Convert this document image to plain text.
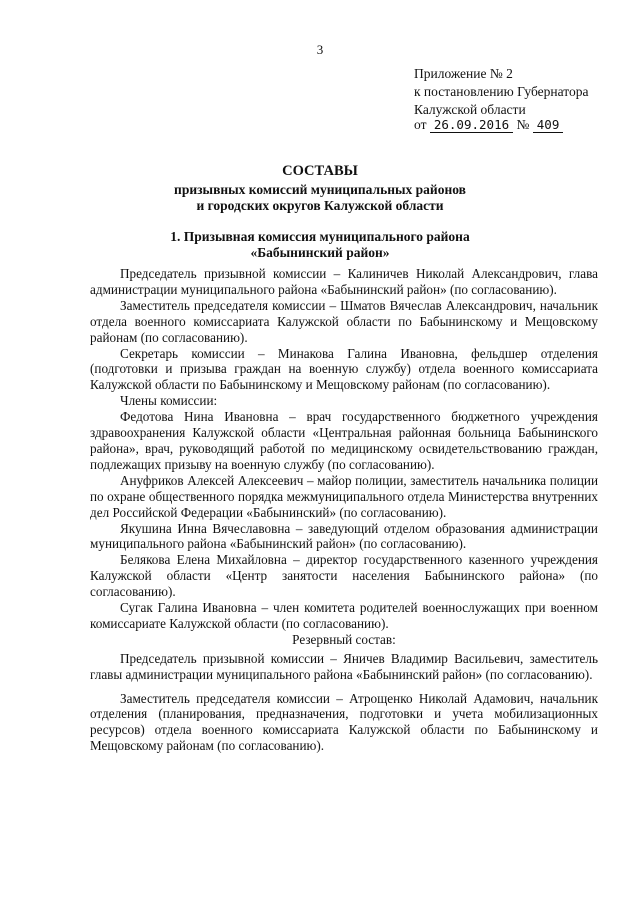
3
Приложение № 2
к постановлению Губернатора
Калужской области
от 26.09.2016 № 409
СОСТАВЫ
призывных комиссий муниципальных районов
и городских округов Калужской области
1. Призывная комиссия муниципального района
«Бабынинский район»

Председатель призывной комиссии – Калиничев Николай Александрович, глава администрации муниципального района «Бабынинский район» (по согласованию).

Заместитель председателя комиссии – Шматов Вячеслав Александрович, начальник отдела военного комиссариата Калужской области по Бабынинскому и Мещовскому районам (по согласованию).

Секретарь комиссии – Минакова Галина Ивановна, фельдшер отделения (подготовки и призыва граждан на военную службу) отдела военного комиссариата Калужской области по Бабынинскому и Мещовскому районам (по согласованию).

Члены комиссии:

Федотова Нина Ивановна – врач государственного бюджетного учреждения здравоохранения Калужской области «Центральная районная больница Бабынинского района», врач, руководящий работой по медицинскому освидетельствованию граждан, подлежащих призыву на военную службу (по согласованию).

Ануфриков Алексей Алексеевич – майор полиции, заместитель начальника полиции по охране общественного порядка межмуниципального отдела Министерства внутренних дел Российской Федерации «Бабынинский» (по согласованию).

Якушина Инна Вячеславовна – заведующий отделом образования администрации муниципального района «Бабынинский район» (по согласованию).

Белякова Елена Михайловна – директор государственного казенного учреждения Калужской области «Центр занятости населения Бабынинского района» (по согласованию).

Сугак Галина Ивановна – член комитета родителей военнослужащих при военном комиссариате Калужской области (по согласованию).

Резервный состав:

Председатель призывной комиссии – Яничев Владимир Васильевич, заместитель главы администрации муниципального района «Бабынинский район» (по согласованию).

Заместитель председателя комиссии – Атрощенко Николай Адамович, начальник отделения (планирования, предназначения, подготовки и учета мобилизационных ресурсов) отдела военного комиссариата Калужской области по Бабынинскому и Мещовскому районам (по согласованию).
